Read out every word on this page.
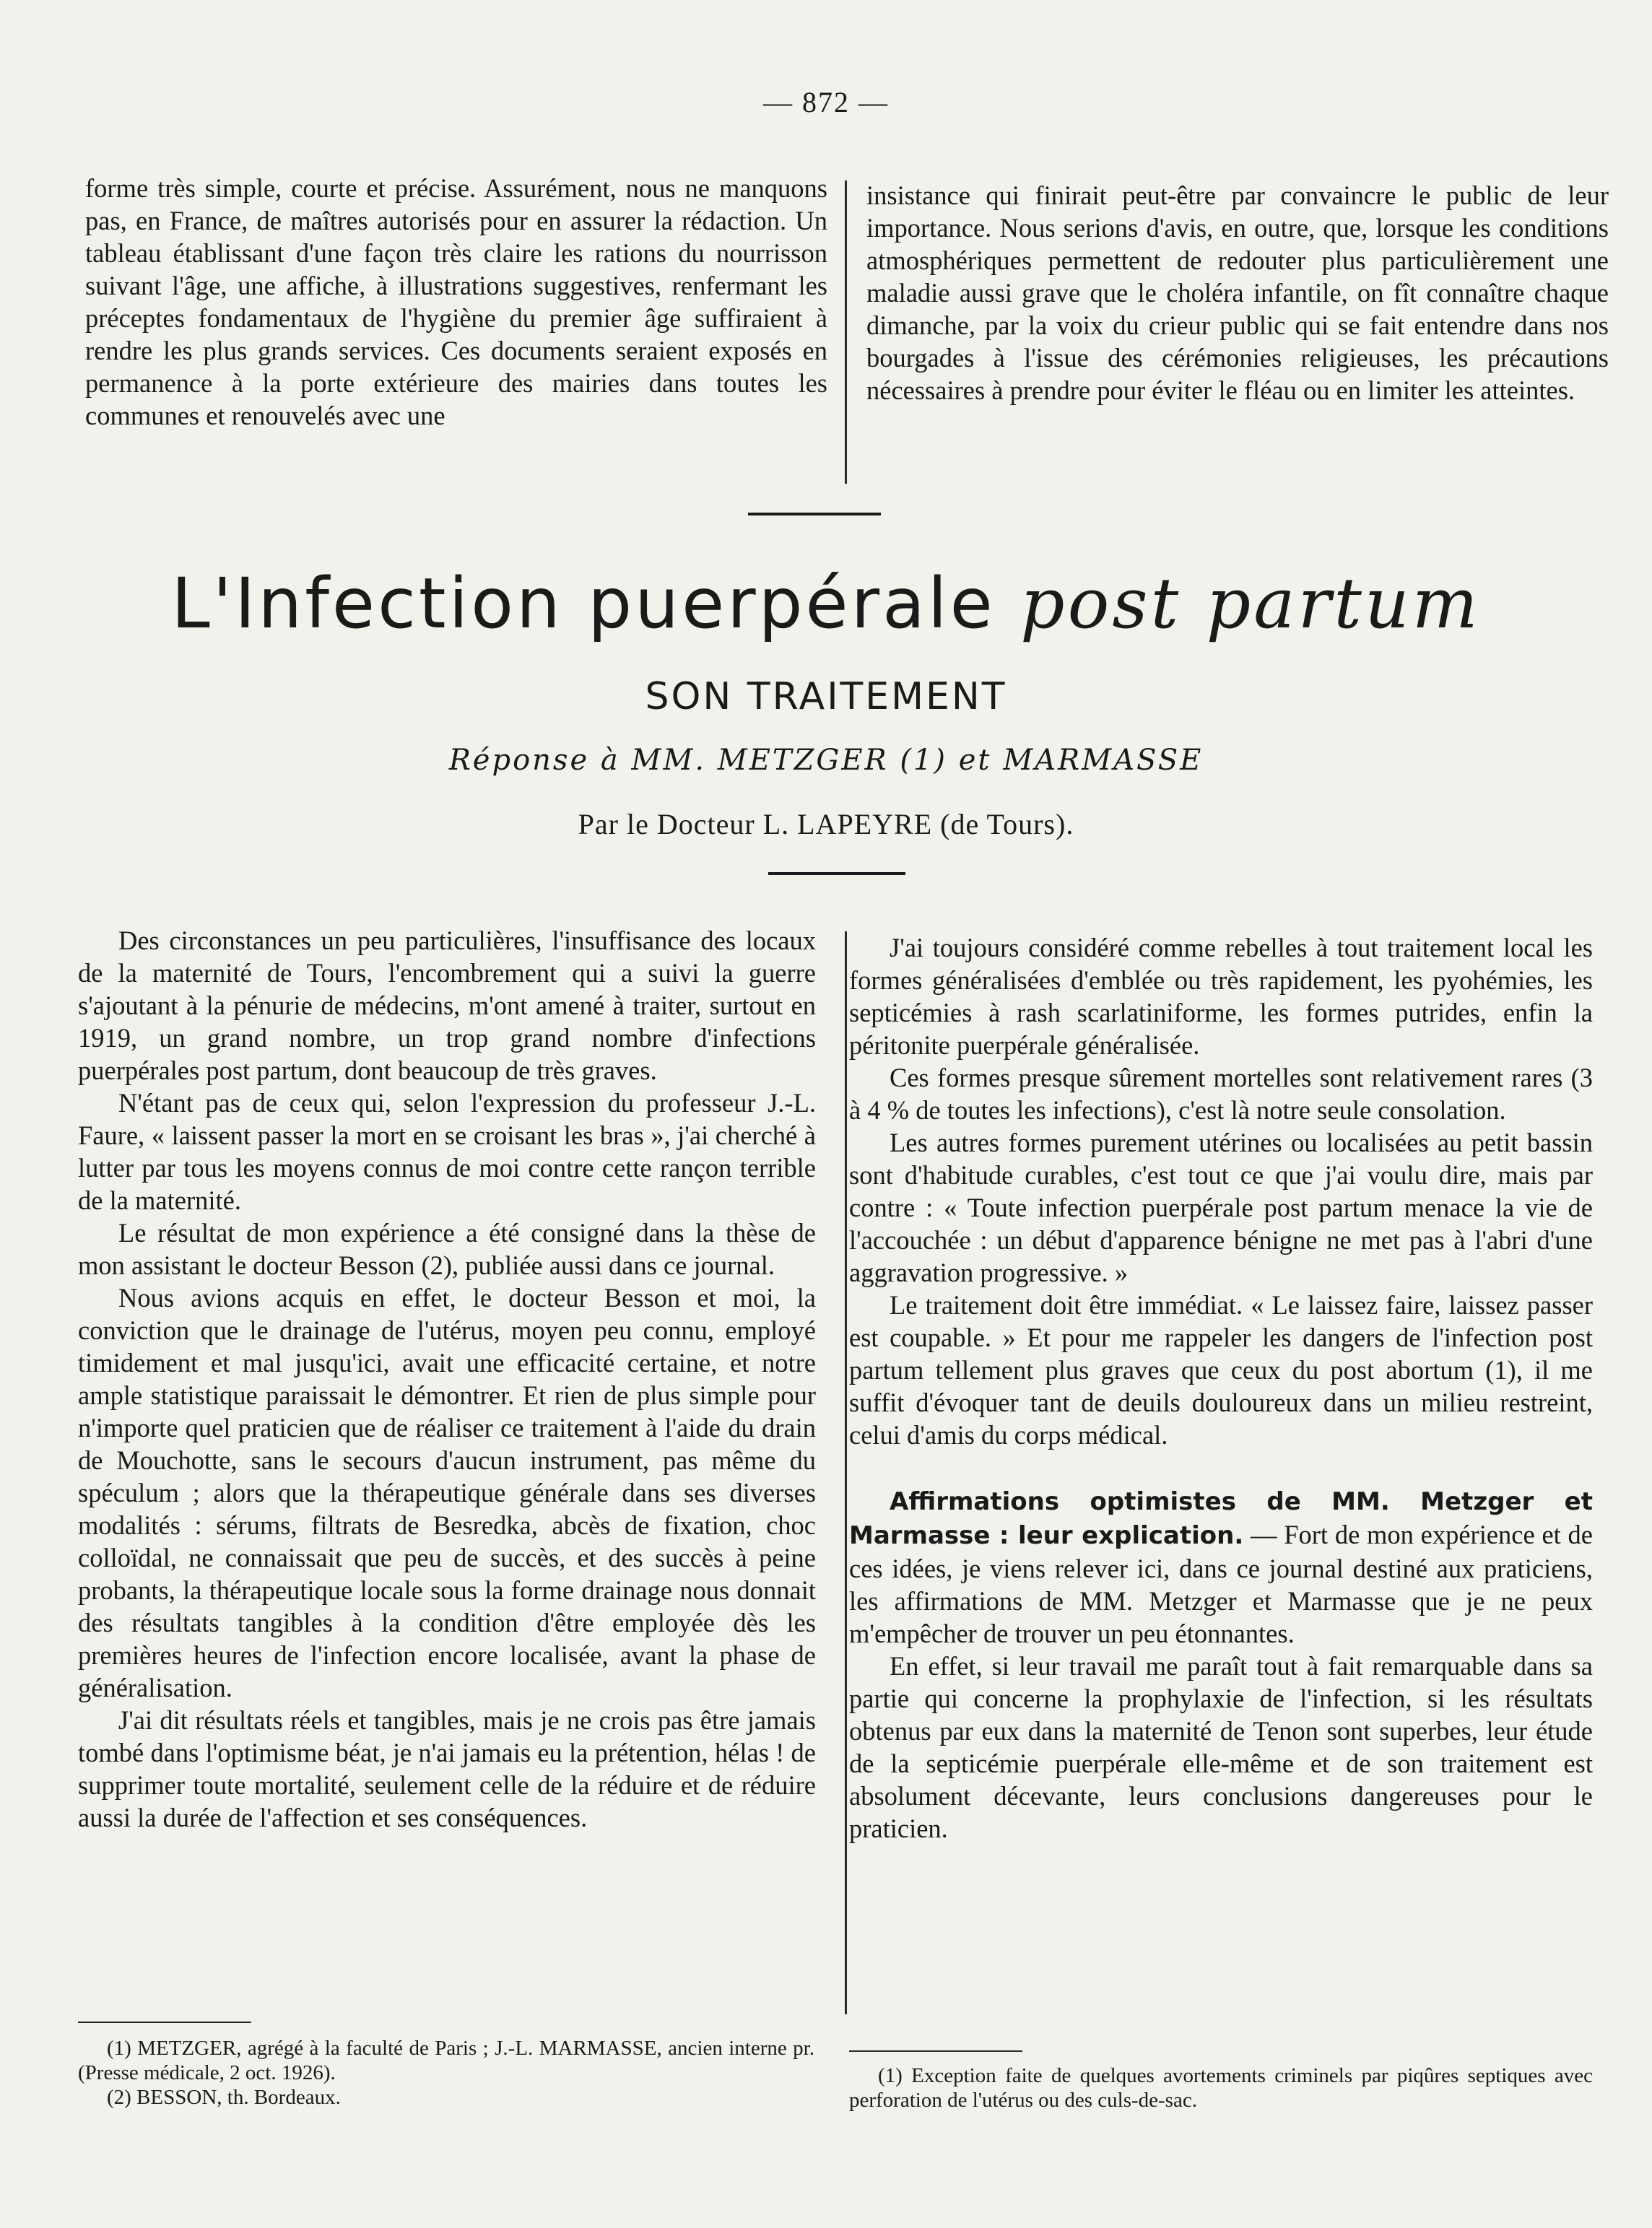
— 872 —

forme très simple, courte et précise. Assurément, nous ne manquons pas, en France, de maîtres autorisés pour en assurer la rédaction. Un tableau établissant d'une façon très claire les rations du nourrisson suivant l'âge, une affiche, à illustrations suggestives, renfermant les préceptes fondamentaux de l'hygiène du premier âge suffiraient à rendre les plus grands services. Ces documents seraient exposés en permanence à la porte extérieure des mairies dans toutes les communes et renouvelés avec une

insistance qui finirait peut-être par convaincre le public de leur importance. Nous serions d'avis, en outre, que, lorsque les conditions atmosphériques permettent de redouter plus particulièrement une maladie aussi grave que le choléra infantile, on fît connaître chaque dimanche, par la voix du crieur public qui se fait entendre dans nos bourgades à l'issue des cérémonies religieuses, les précautions nécessaires à prendre pour éviter le fléau ou en limiter les atteintes.

L'Infection puerpérale post partum
SON TRAITEMENT
Réponse à MM. METZGER (1) et MARMASSE
Par le Docteur L. LAPEYRE (de Tours).

Des circonstances un peu particulières, l'insuffisance des locaux de la maternité de Tours, l'encombrement qui a suivi la guerre s'ajoutant à la pénurie de médecins, m'ont amené à traiter, surtout en 1919, un grand nombre, un trop grand nombre d'infections puerpérales post partum, dont beaucoup de très graves.

N'étant pas de ceux qui, selon l'expression du professeur J.-L. Faure, « laissent passer la mort en se croisant les bras », j'ai cherché à lutter par tous les moyens connus de moi contre cette rançon terrible de la maternité.

Le résultat de mon expérience a été consigné dans la thèse de mon assistant le docteur Besson (2), publiée aussi dans ce journal.

Nous avions acquis en effet, le docteur Besson et moi, la conviction que le drainage de l'utérus, moyen peu connu, employé timidement et mal jusqu'ici, avait une efficacité certaine, et notre ample statistique paraissait le démontrer. Et rien de plus simple pour n'importe quel praticien que de réaliser ce traitement à l'aide du drain de Mouchotte, sans le secours d'aucun instrument, pas même du spéculum ; alors que la thérapeutique générale dans ses diverses modalités : sérums, filtrats de Besredka, abcès de fixation, choc colloïdal, ne connaissait que peu de succès, et des succès à peine probants, la thérapeutique locale sous la forme drainage nous donnait des résultats tangibles à la condition d'être employée dès les premières heures de l'infection encore localisée, avant la phase de généralisation.

J'ai dit résultats réels et tangibles, mais je ne crois pas être jamais tombé dans l'optimisme béat, je n'ai jamais eu la prétention, hélas ! de supprimer toute mortalité, seulement celle de la réduire et de réduire aussi la durée de l'affection et ses conséquences.

J'ai toujours considéré comme rebelles à tout traitement local les formes généralisées d'emblée ou très rapidement, les pyohémies, les septicémies à rash scarlatiniforme, les formes putrides, enfin la péritonite puerpérale généralisée.

Ces formes presque sûrement mortelles sont relativement rares (3 à 4 % de toutes les infections), c'est là notre seule consolation.

Les autres formes purement utérines ou localisées au petit bassin sont d'habitude curables, c'est tout ce que j'ai voulu dire, mais par contre : « Toute infection puerpérale post partum menace la vie de l'accouchée : un début d'apparence bénigne ne met pas à l'abri d'une aggravation progressive. »

Le traitement doit être immédiat. « Le laissez faire, laissez passer est coupable. » Et pour me rappeler les dangers de l'infection post partum tellement plus graves que ceux du post abortum (1), il me suffit d'évoquer tant de deuils douloureux dans un milieu restreint, celui d'amis du corps médical.

Affirmations optimistes de MM. Metzger et Marmasse : leur explication. — Fort de mon expérience et de ces idées, je viens relever ici, dans ce journal destiné aux praticiens, les affirmations de MM. Metzger et Marmasse que je ne peux m'empêcher de trouver un peu étonnantes.

En effet, si leur travail me paraît tout à fait remarquable dans sa partie qui concerne la prophylaxie de l'infection, si les résultats obtenus par eux dans la maternité de Tenon sont superbes, leur étude de la septicémie puerpérale elle-même et de son traitement est absolument décevante, leurs conclusions dangereuses pour le praticien.

(1) METZGER, agrégé à la faculté de Paris ; J.-L. MARMASSE, ancien interne pr. (Presse médicale, 2 oct. 1926).

(2) BESSON, th. Bordeaux.

(1) Exception faite de quelques avortements criminels par piqûres septiques avec perforation de l'utérus ou des culs-de-sac.
